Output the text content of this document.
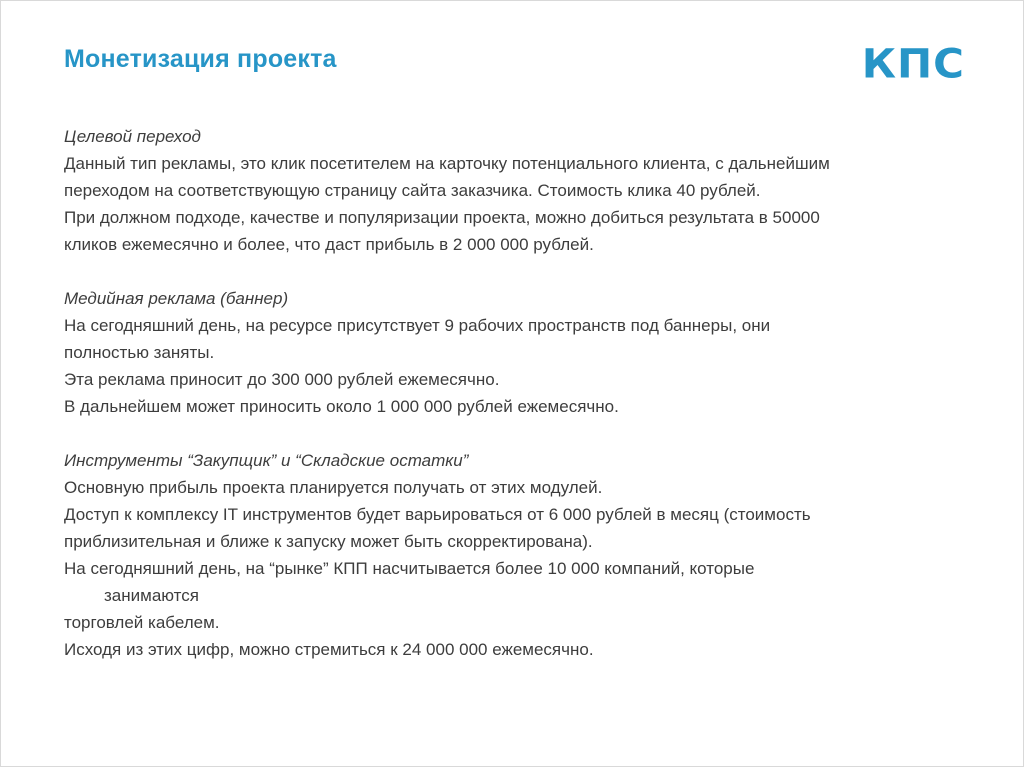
Монетизация проекта	КПС
Целевой переход
Данный тип рекламы, это клик посетителем на карточку потенциального клиента, с дальнейшим
переходом на соответствующую страницу сайта заказчика. Стоимость клика 40 рублей.
При должном подходе, качестве и популяризации проекта, можно добиться результата в 50000
кликов ежемесячно и более, что даст прибыль в 2 000 000 рублей.
Медийная реклама (баннер)
На сегодняшний день, на ресурсе присутствует 9 рабочих пространств под баннеры, они
полностью заняты.
Эта реклама приносит до 300 000 рублей ежемесячно.
В дальнейшем может приносить около 1 000 000 рублей ежемесячно.
Инструменты “Закупщик” и “Складские остатки”
Основную прибыль проекта планируется получать от этих модулей.
Доступ к комплексу IT инструментов будет варьироваться от 6 000 рублей в месяц (стоимость
приблизительная и ближе к запуску может быть скорректирована).
На сегодняшний день, на “рынке” КПП насчитывается более 10 000 компаний, которые
занимаются
торговлей кабелем.
Исходя из этих цифр, можно стремиться к 24 000 000 ежемесячно.
